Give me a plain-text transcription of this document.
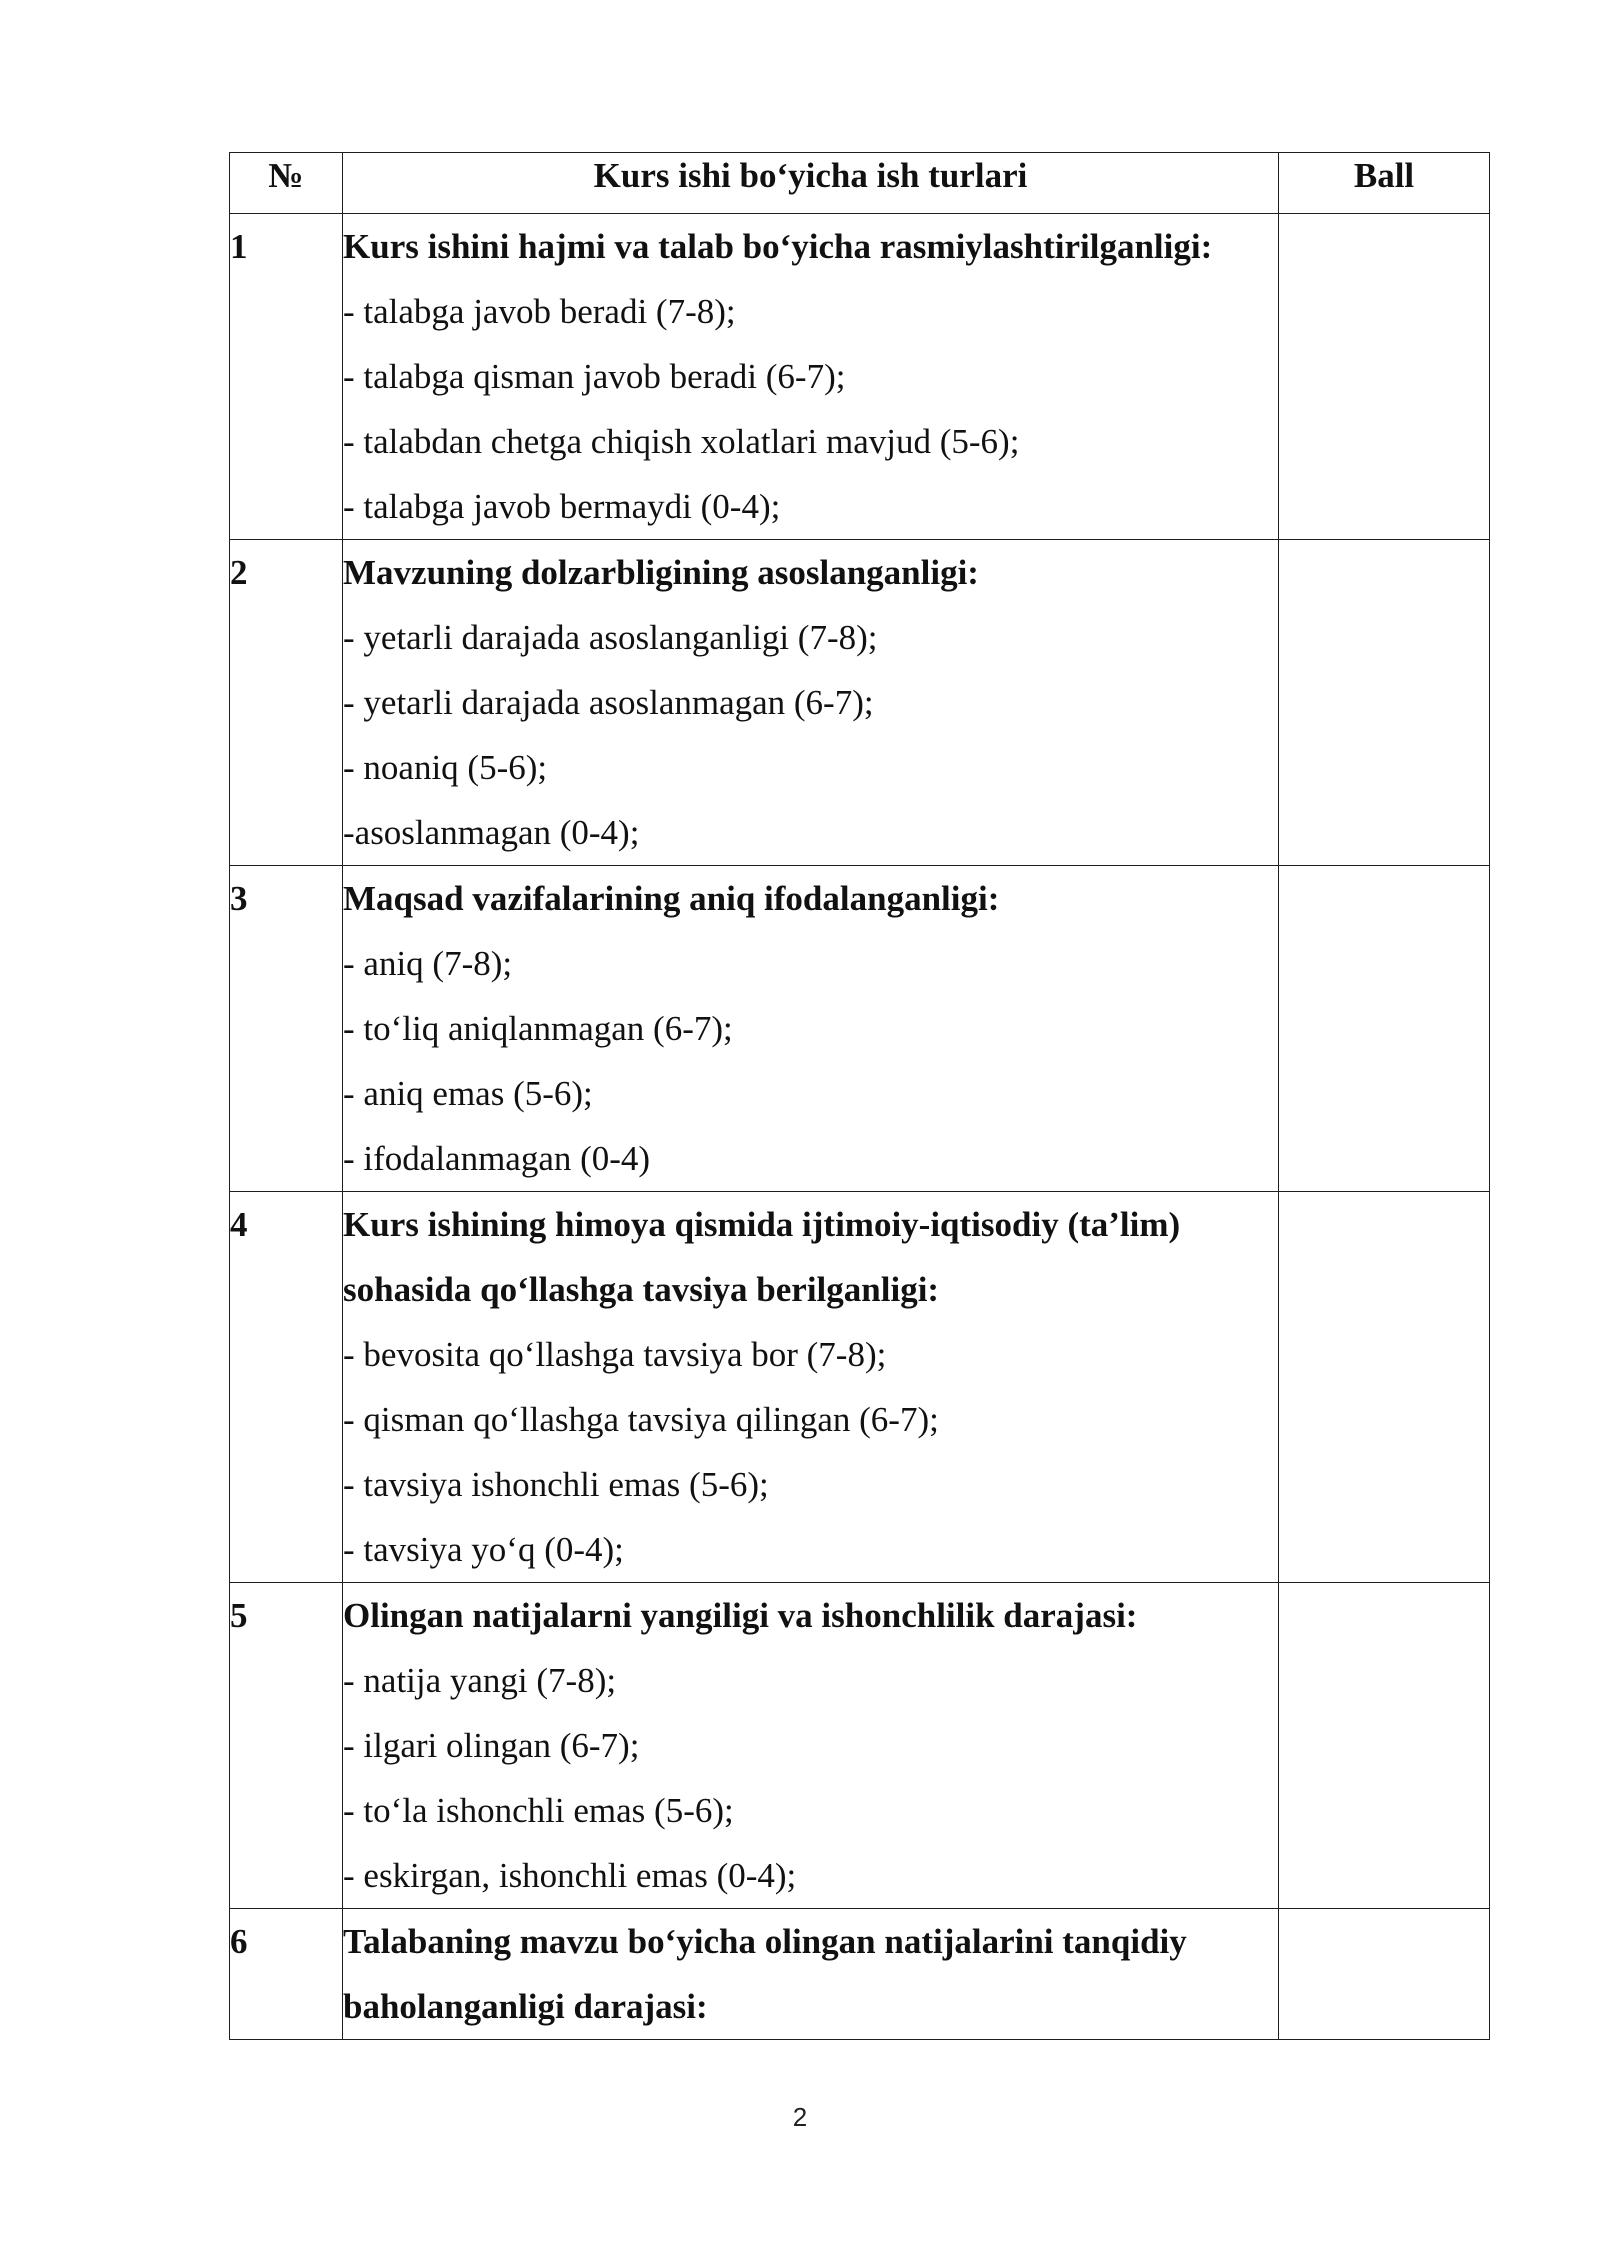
№	Kurs ishi bo‘yicha ish turlari	Ball
1	Kurs ishini hajmi va talab bo‘yicha rasmiylashtirilganligi:
- talabga javob beradi (7-8);
- talabga qisman javob beradi (6-7);
- talabdan chetga chiqish xolatlari mavjud (5-6);
- talabga javob bermaydi (0-4);	

2	Mavzuning dolzarbligining asoslanganligi:
- yetarli darajada asoslanganligi (7-8);
- yetarli darajada asoslanmagan (6-7);
- noaniq (5-6);
-asoslanmagan (0-4);	

3	Maqsad vazifalarining aniq ifodalanganligi:
- aniq (7-8);
- to‘liq aniqlanmagan (6-7);
- aniq emas (5-6);
- ifodalanmagan (0-4)	

4	Kurs ishining himoya qismida ijtimoiy-iqtisodiy (ta’lim) sohasida qo‘llashga tavsiya berilganligi:
- bevosita qo‘llashga tavsiya bor (7-8);
- qisman qo‘llashga tavsiya qilingan (6-7);
- tavsiya ishonchli emas (5-6);
- tavsiya yo‘q (0-4);	

5	Olingan natijalarni yangiligi va ishonchlilik darajasi:
- natija yangi (7-8);
- ilgari olingan (6-7);
- to‘la ishonchli emas (5-6);
- eskirgan, ishonchli emas (0-4);	

6	Talabaning mavzu bo‘yicha olingan natijalarini tanqidiy baholanganligi darajasi:	

2
